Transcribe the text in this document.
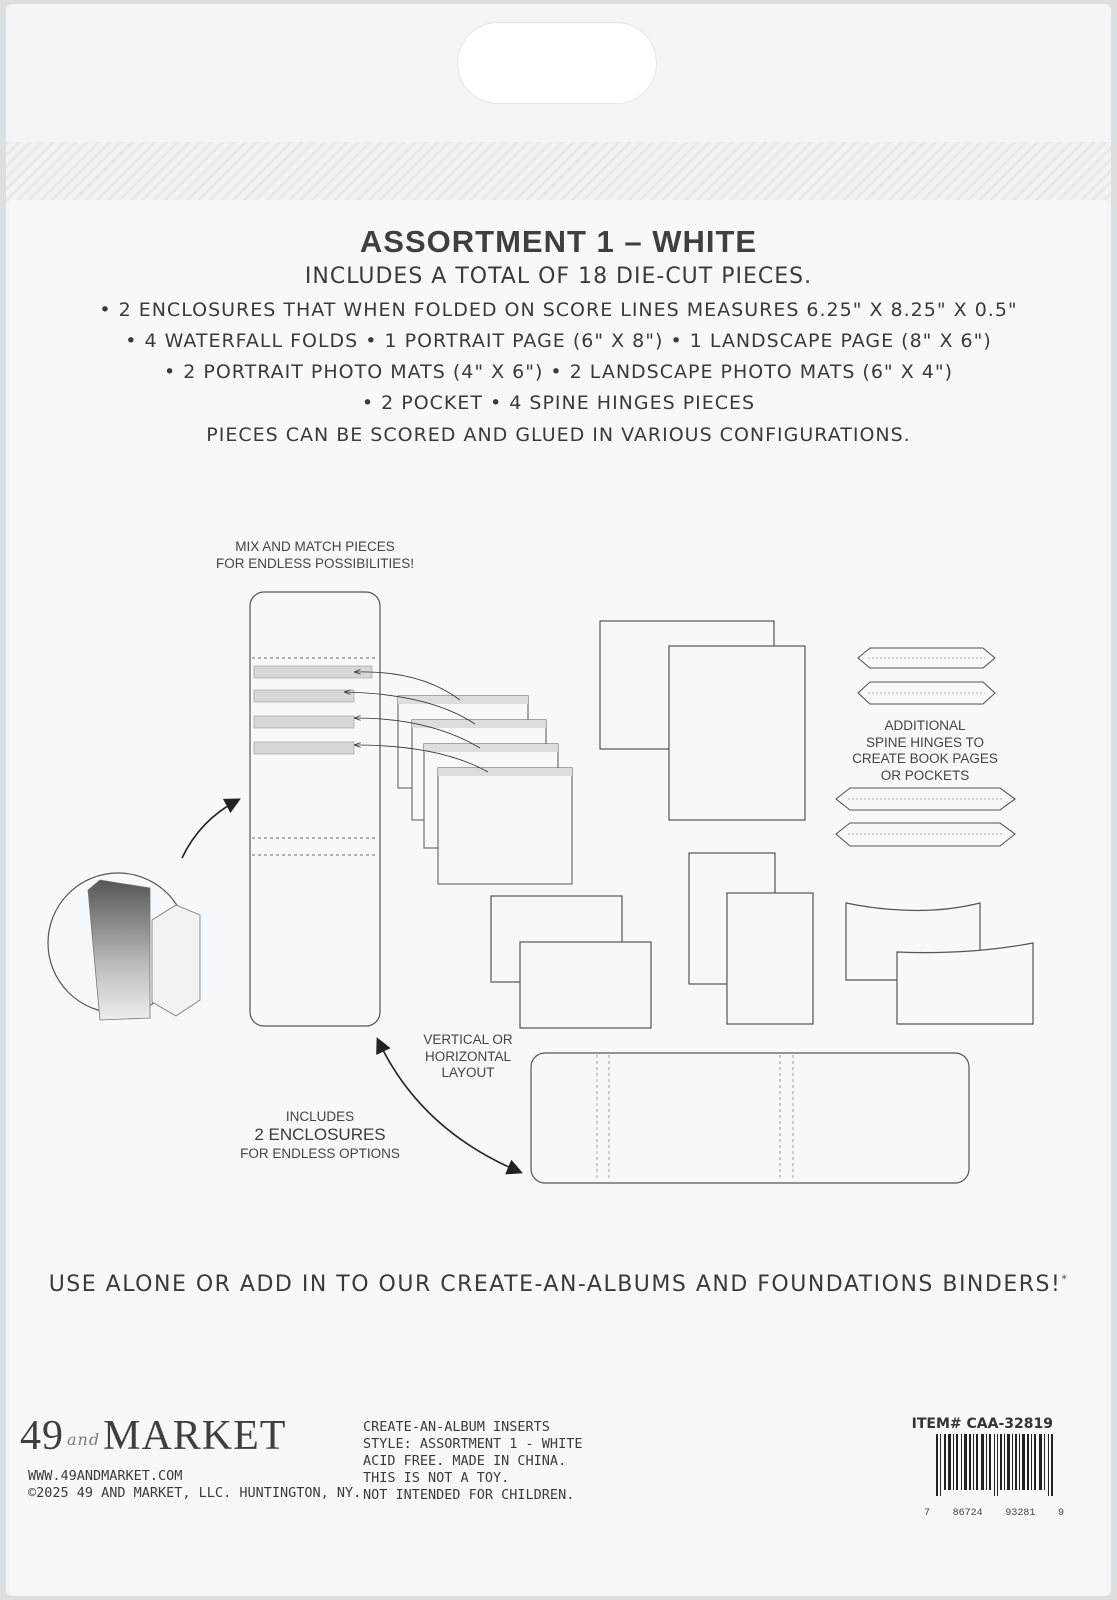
ASSORTMENT 1 – WHITE
INCLUDES A TOTAL OF 18 DIE-CUT PIECES.
• 2 ENCLOSURES THAT WHEN FOLDED ON SCORE LINES MEASURES 6.25" X 8.25" X 0.5"
• 4 WATERFALL FOLDS • 1 PORTRAIT PAGE (6" X 8") • 1 LANDSCAPE PAGE (8" X 6")
• 2 PORTRAIT PHOTO MATS (4" X 6") • 2 LANDSCAPE PHOTO MATS (6" X 4")
• 2 POCKET • 4 SPINE HINGES PIECES
PIECES CAN BE SCORED AND GLUED IN VARIOUS CONFIGURATIONS.
MIX AND MATCH PIECES
FOR ENDLESS POSSIBILITIES!
ADDITIONAL
SPINE HINGES TO
CREATE BOOK PAGES
OR POCKETS
VERTICAL OR
HORIZONTAL
LAYOUT
INCLUDES
2 ENCLOSURES
FOR ENDLESS OPTIONS
USE ALONE OR ADD IN TO OUR CREATE-AN-ALBUMS AND FOUNDATIONS BINDERS!*
49 andMARKET
WWW.49ANDMARKET.COM
©2025 49 AND MARKET, LLC. HUNTINGTON, NY.
CREATE-AN-ALBUM INSERTS
STYLE: ASSORTMENT 1 - WHITE
ACID FREE. MADE IN CHINA.
THIS IS NOT A TOY.
NOT INTENDED FOR CHILDREN.
ITEM# CAA-32819
7 86724 93281 9
